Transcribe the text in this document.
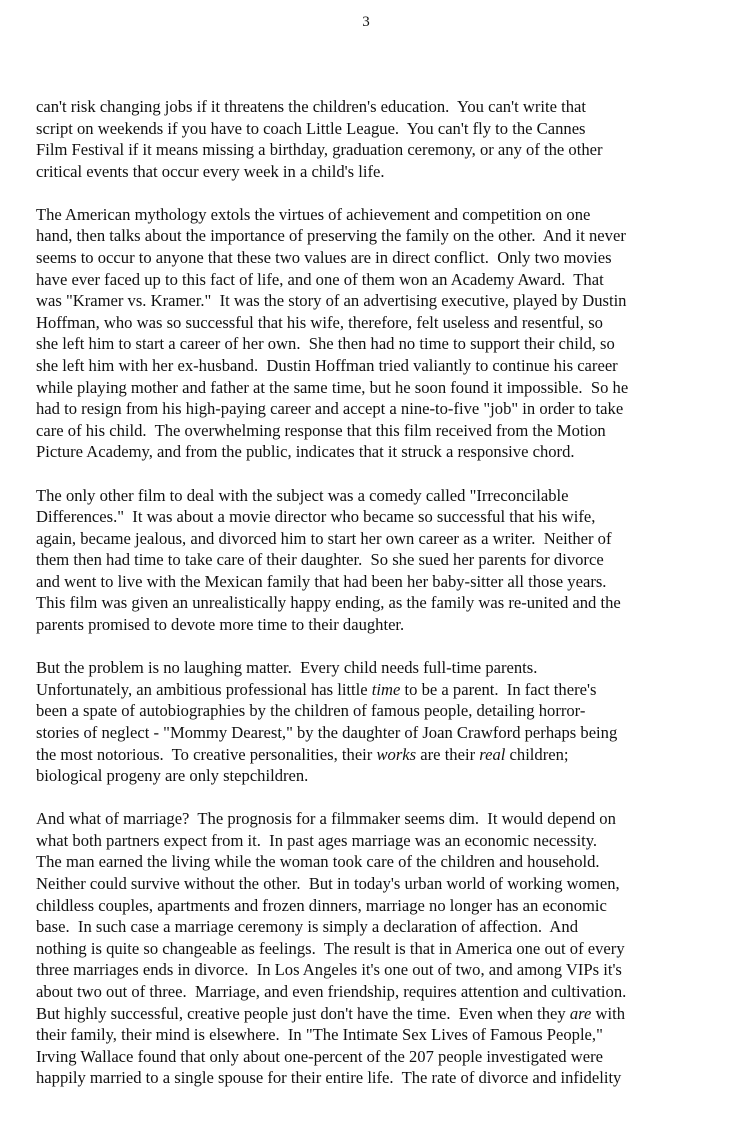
3
can't risk changing jobs if it threatens the children's education.  You can't write that
script on weekends if you have to coach Little League.  You can't fly to the Cannes
Film Festival if it means missing a birthday, graduation ceremony, or any of the other
critical events that occur every week in a child's life.
The American mythology extols the virtues of achievement and competition on one
hand, then talks about the importance of preserving the family on the other.  And it never
seems to occur to anyone that these two values are in direct conflict.  Only two movies
have ever faced up to this fact of life, and one of them won an Academy Award.  That
was "Kramer vs. Kramer."  It was the story of an advertising executive, played by Dustin
Hoffman, who was so successful that his wife, therefore, felt useless and resentful, so
she left him to start a career of her own.  She then had no time to support their child, so
she left him with her ex-husband.  Dustin Hoffman tried valiantly to continue his career
while playing mother and father at the same time, but he soon found it impossible.  So he
had to resign from his high-paying career and accept a nine-to-five "job" in order to take
care of his child.  The overwhelming response that this film received from the Motion
Picture Academy, and from the public, indicates that it struck a responsive chord.
The only other film to deal with the subject was a comedy called "Irreconcilable
Differences."  It was about a movie director who became so successful that his wife,
again, became jealous, and divorced him to start her own career as a writer.  Neither of
them then had time to take care of their daughter.  So she sued her parents for divorce
and went to live with the Mexican family that had been her baby-sitter all those years.
This film was given an unrealistically happy ending, as the family was re-united and the
parents promised to devote more time to their daughter.
But the problem is no laughing matter.  Every child needs full-time parents.
Unfortunately, an ambitious professional has little time to be a parent.  In fact there's
been a spate of autobiographies by the children of famous people, detailing horror-
stories of neglect - "Mommy Dearest," by the daughter of Joan Crawford perhaps being
the most notorious.  To creative personalities, their works are their real children;
biological progeny are only stepchildren.
And what of marriage?  The prognosis for a filmmaker seems dim.  It would depend on
what both partners expect from it.  In past ages marriage was an economic necessity.
The man earned the living while the woman took care of the children and household.
Neither could survive without the other.  But in today's urban world of working women,
childless couples, apartments and frozen dinners, marriage no longer has an economic
base.  In such case a marriage ceremony is simply a declaration of affection.  And
nothing is quite so changeable as feelings.  The result is that in America one out of every
three marriages ends in divorce.  In Los Angeles it's one out of two, and among VIPs it's
about two out of three.  Marriage, and even friendship, requires attention and cultivation.
But highly successful, creative people just don't have the time.  Even when they are with
their family, their mind is elsewhere.  In "The Intimate Sex Lives of Famous People,"
Irving Wallace found that only about one-percent of the 207 people investigated were
happily married to a single spouse for their entire life.  The rate of divorce and infidelity
